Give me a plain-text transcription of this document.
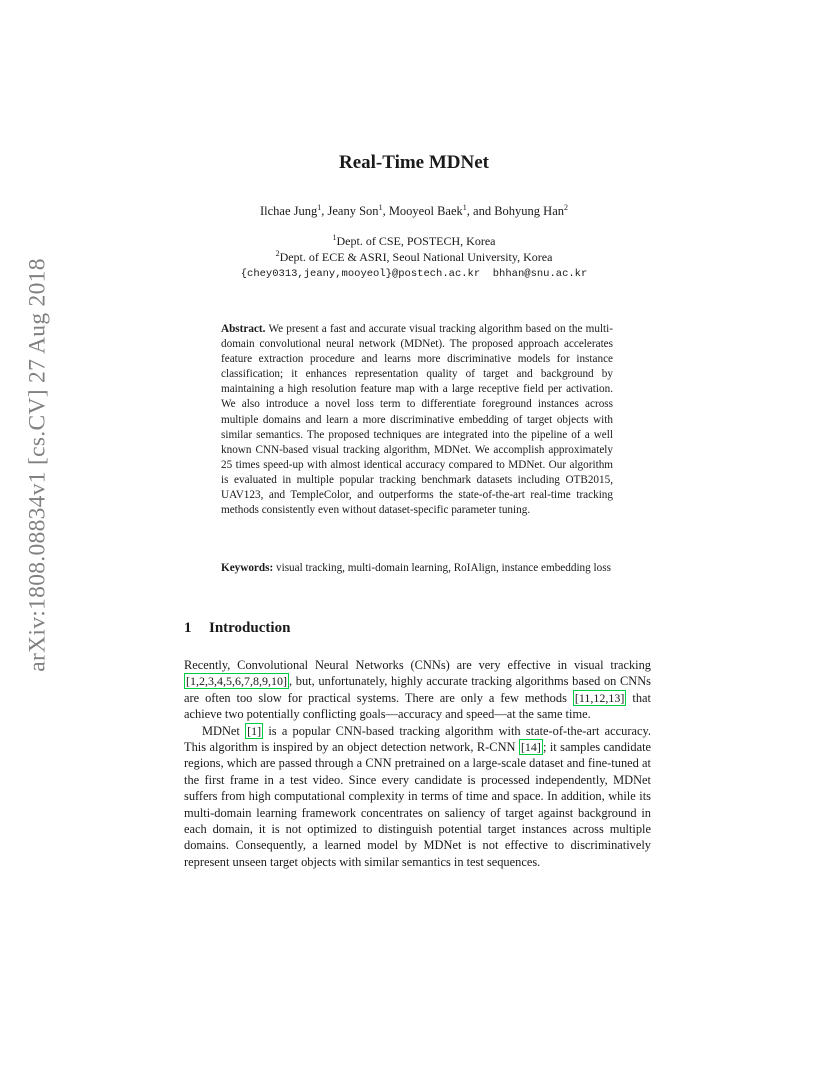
arXiv:1808.08834v1 [cs.CV] 27 Aug 2018
Real-Time MDNet
Ilchae Jung$^1$, Jeany Son$^1$, Mooyeol Baek$^1$, and Bohyung Han$^2$
$^1$Dept. of CSE, POSTECH, Korea
$^2$Dept. of ECE & ASRI, Seoul National University, Korea
{chey0313,jeany,mooyeol}@postech.ac.kr  bhhan@snu.ac.kr
Abstract. We present a fast and accurate visual tracking algorithm based on the multi-domain convolutional neural network (MDNet). The proposed approach accelerates feature extraction procedure and learns more discriminative models for instance classification; it enhances representation quality of target and background by maintaining a high resolution feature map with a large receptive field per activation. We also introduce a novel loss term to differentiate foreground instances across multiple domains and learn a more discriminative embedding of target objects with similar semantics. The proposed techniques are integrated into the pipeline of a well known CNN-based visual tracking algorithm, MDNet. We accomplish approximately 25 times speed-up with almost identical accuracy compared to MDNet. Our algorithm is evaluated in multiple popular tracking benchmark datasets including OTB2015, UAV123, and TempleColor, and outperforms the state-of-the-art real-time tracking methods consistently even without dataset-specific parameter tuning.
Keywords: visual tracking, multi-domain learning, RoIAlign, instance embedding loss
1 Introduction

Recently, Convolutional Neural Networks (CNNs) are very effective in visual tracking [1,2,3,4,5,6,7,8,9,10] , but, unfortunately, highly accurate tracking algorithms based on CNNs are often too slow for practical systems. There are only a few methods [11,12,13] that achieve two potentially conflicting goals—accuracy and speed—at the same time.

MDNet [1] is a popular CNN-based tracking algorithm with state-of-the-art accuracy. This algorithm is inspired by an object detection network, R-CNN [14] ; it samples candidate regions, which are passed through a CNN pretrained on a large-scale dataset and fine-tuned at the first frame in a test video. Since every candidate is processed independently, MDNet suffers from high computational complexity in terms of time and space. In addition, while its multi-domain learning framework concentrates on saliency of target against background in each domain, it is not optimized to distinguish potential target instances across multiple domains. Consequently, a learned model by MDNet is not effective to discriminatively represent unseen target objects with similar semantics in test sequences.
